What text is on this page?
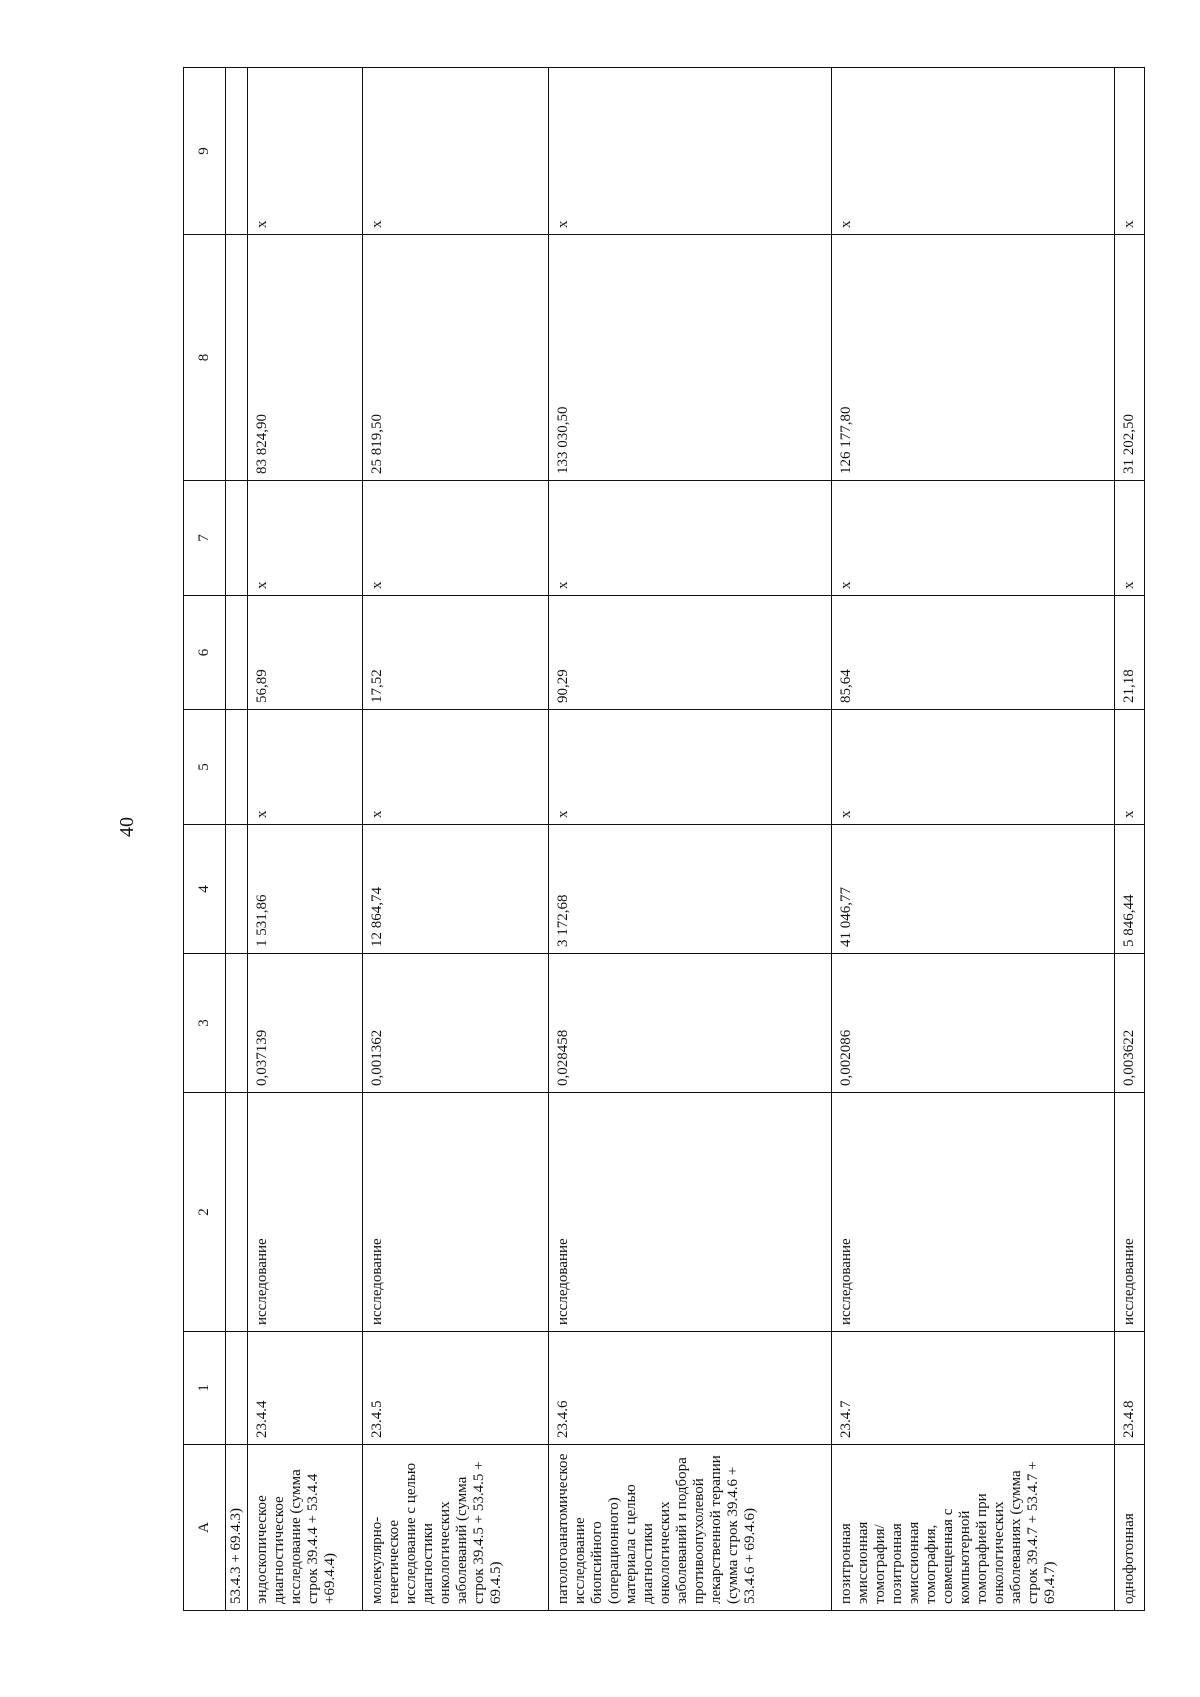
40
A	1	2	3	4	5	6	7	8	9
53.4.3 + 69.4.3)									
эндоскопическое диагностическое исследование (сумма строк 39.4.4 + 53.4.4 +69.4.4)	23.4.4	исследование	0,037139	1 531,86	x	56,89	x	83 824,90	x
молекулярно-генетическое исследование с целью диагностики онкологических заболеваний (сумма строк 39.4.5 + 53.4.5 + 69.4.5)	23.4.5	исследование	0,001362	12 864,74	x	17,52	x	25 819,50	x
патологоанатомическое исследование биопсийного (операционного) материала с целью диагностики онкологических заболеваний и подбора противоопухолевой лекарственной терапии (сумма строк 39.4.6 + 53.4.6 + 69.4.6)	23.4.6	исследование	0,028458	3 172,68	x	90,29	x	133 030,50	x
позитронная эмиссионная томография/позитронная эмиссионная томография, совмещенная с компьютерной томографией при онкологических заболеваниях (сумма строк 39.4.7 + 53.4.7 + 69.4.7)	23.4.7	исследование	0,002086	41 046,77	x	85,64	x	126 177,80	x
однофотонная	23.4.8	исследование	0,003622	5 846,44	x	21,18	x	31 202,50	x
